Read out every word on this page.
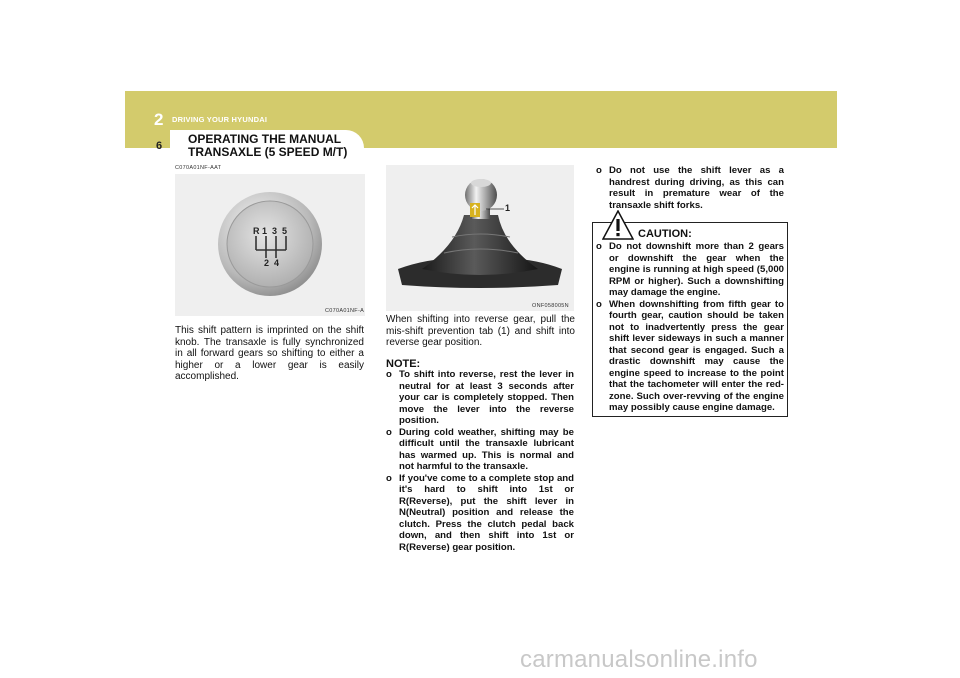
2 DRIVING YOUR HYUNDAI
6 OPERATING THE MANUAL TRANSAXLE (5 SPEED M/T)
C070A01NF-AAT
R 1  3  5
2  4
C070A01NF-A
1
ONF058005N
This shift pattern is imprinted on the shift knob. The transaxle is fully synchronized in all forward gears so shifting to either a higher or a lower gear is easily accomplished.
When shifting into reverse gear, pull the mis-shift prevention tab (1) and shift into reverse gear position.
NOTE:
o To shift into reverse, rest the lever in neutral for at least 3 seconds after your car is completely stopped. Then move the lever into the reverse position.
o During cold weather, shifting may be difficult until the transaxle lubricant has warmed up. This is normal and not harmful to the transaxle.
o If you've come to a complete stop and it's hard to shift into 1st or R(Reverse), put the shift lever in N(Neutral) position and release the clutch. Press the clutch pedal back down, and then shift into 1st or R(Reverse) gear position.
o Do not use the shift lever as a handrest during driving, as this can result in premature wear of the transaxle shift forks.
CAUTION:
o Do not downshift more than 2 gears or downshift the gear when the engine is running at high speed (5,000 RPM or higher). Such a downshifting may damage the engine.
o When downshifting from fifth gear to fourth gear, caution should be taken not to inadvertently press the gear shift lever sideways in such a manner that second gear is engaged. Such a drastic downshift may cause the engine speed to increase to the point that the tachometer will enter the red-zone. Such over-revving of the engine may possibly cause engine damage.
carmanualsonline.info
